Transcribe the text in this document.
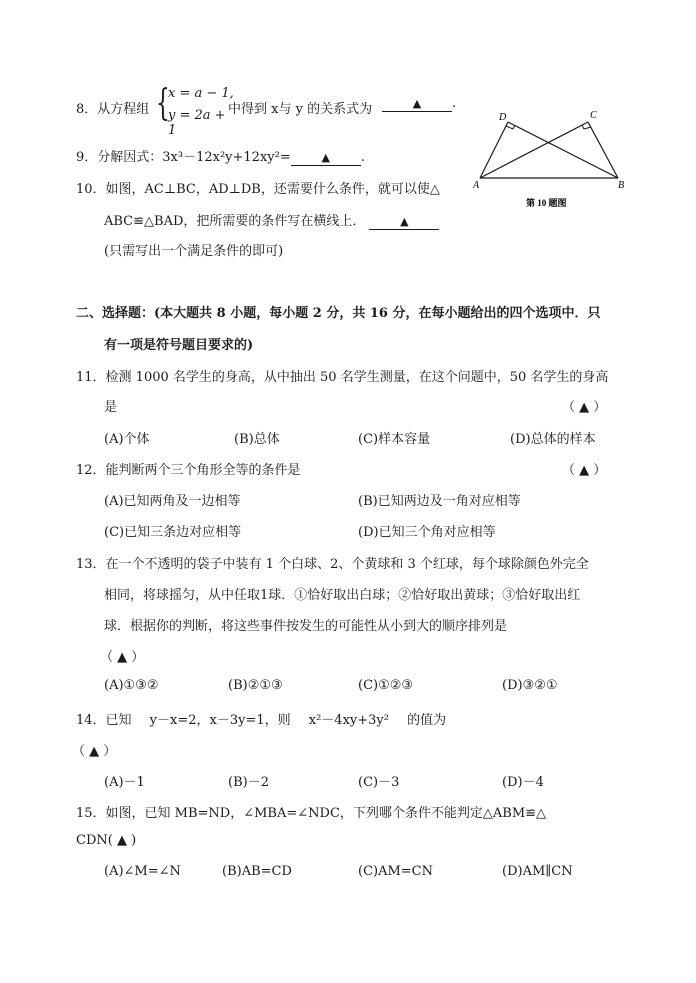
8．从方程组 {
x = a − 1,
y = 2a + 1
中得到 x与 y 的关系式为	▲ .
9．分解因式：3x³－12x²y+12xy²=	▲ .
10．如图，AC⊥BC，AD⊥DB，还需要什么条件，就可以使△
ABC≌△BAD，把所需要的条件写在横线上．	▲
(只需写出一个满足条件的即可)
D	C
A	B
第 10 题图
二、选择题：(本大题共 8 小题，每小题 2 分，共 16 分，在每小题给出的四个选项中．只
有一项是符号题目要求的)
11．检测 1000 名学生的身高，从中抽出 50 名学生测量，在这个问题中，50 名学生的身高
是	（ ▲ ）
(A)个体	(B)总体	(C)样本容量	(D)总体的样本
12．能判断两个三个角形全等的条件是	（ ▲ ）
(A)已知两角及一边相等	(B)已知两边及一角对应相等
(C)已知三条边对应相等	(D)已知三个角对应相等
13．在一个不透明的袋子中装有 1 个白球、2、个黄球和 3 个红球，每个球除颜色外完全
相同，将球摇匀，从中任取1球．①恰好取出白球；②恰好取出黄球；③恰好取出红
球．根据你的判断，将这些事件按发生的可能性从小到大的顺序排列是
（ ▲ ）
(A)①③②	(B)②①③	(C)①②③	(D)③②①
14．已知 y－x=2，x－3y=1，则 x²－4xy+3y² 的值为
（ ▲ ）
(A)－1	(B)－2	(C)－3	(D)－4
15．如图，已知 MB=ND，∠MBA=∠NDC，下列哪个条件不能判定△ABM≌△
CDN( ▲ )
(A)∠M=∠N	(B)AB=CD	(C)AM=CN	(D)AM∥CN
